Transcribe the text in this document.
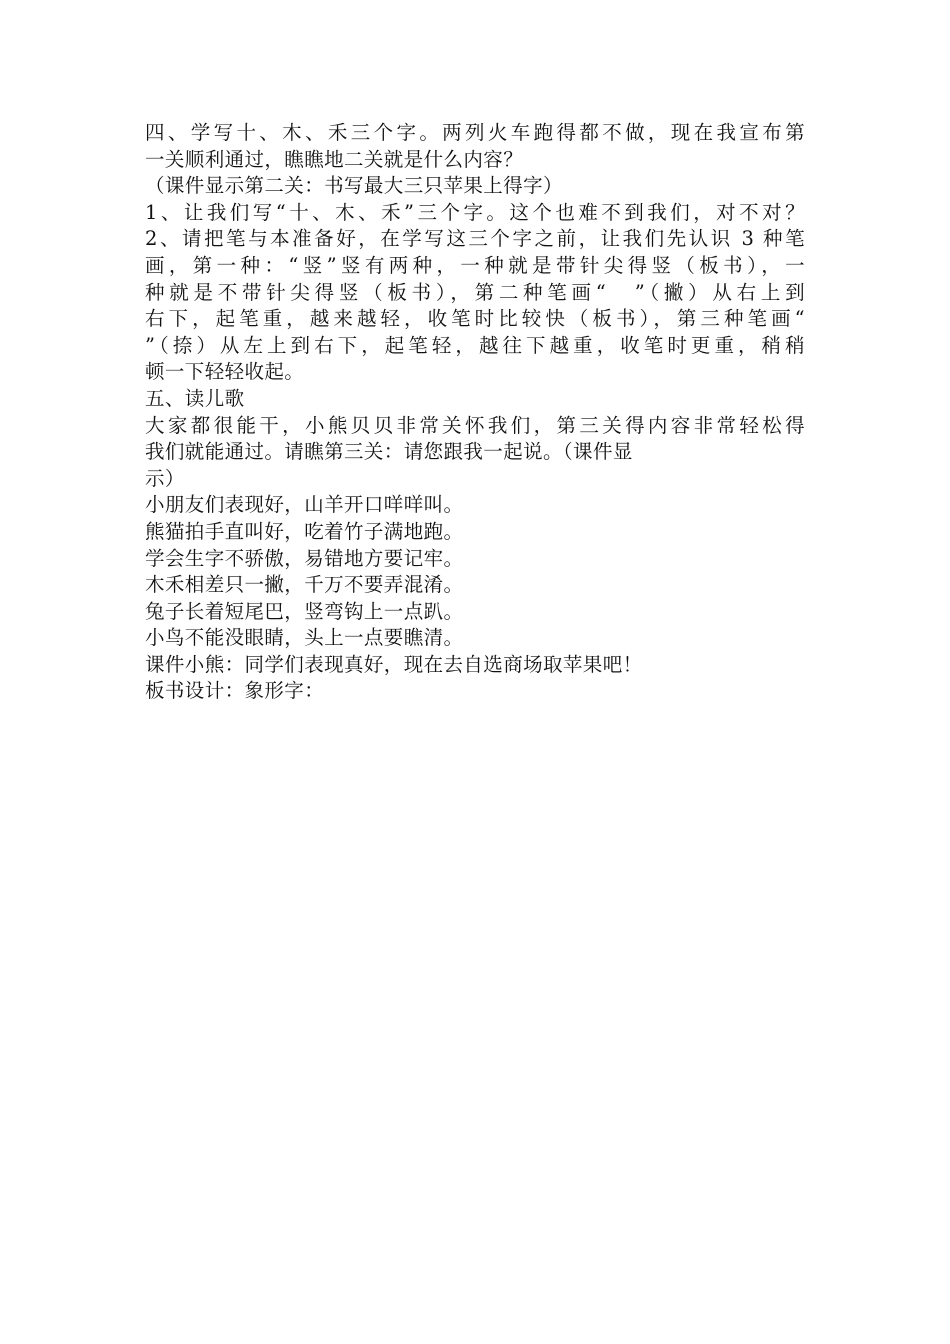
四、学写十、木、禾三个字。两列火车跑得都不做，现在我宣布第
一关顺利通过，瞧瞧地二关就是什么内容？
（课件显示第二关：书写最大三只苹果上得字）
1、让我们写“十、木、禾”三个字。这个也难不到我们，对不对？
2、请把笔与本准备好，在学写这三个字之前，让我们先认识 3 种笔
画，第一种：“竖”竖有两种，一种就是带针尖得竖（板书），一
种就是不带针尖得竖（板书），第二种笔画“　”（撇）从右上到
右下，起笔重，越来越轻，收笔时比较快（板书），第三种笔画“
”（捺）从左上到右下，起笔轻，越往下越重，收笔时更重，稍稍
顿一下轻轻收起。
五、读儿歌
大家都很能干，小熊贝贝非常关怀我们，第三关得内容非常轻松得
我们就能通过。请瞧第三关：请您跟我一起说。（课件显
示）
小朋友们表现好，山羊开口咩咩叫。
熊猫拍手直叫好，吃着竹子满地跑。
学会生字不骄傲，易错地方要记牢。
木禾相差只一撇，千万不要弄混淆。
兔子长着短尾巴，竖弯钩上一点趴。
小鸟不能没眼睛，头上一点要瞧清。
课件小熊：同学们表现真好，现在去自选商场取苹果吧！
板书设计：象形字：
